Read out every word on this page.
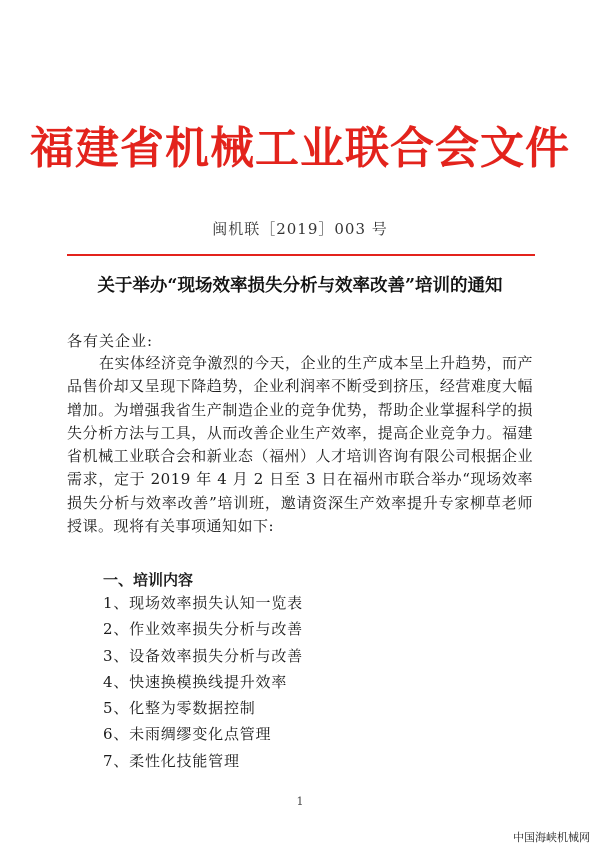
福建省机械工业联合会文件
闽机联［2019］003 号
关于举办“现场效率损失分析与效率改善”培训的通知
各有关企业:
在实体经济竞争激烈的今天，企业的生产成本呈上升趋势，而产品售价却又呈现下降趋势，企业利润率不断受到挤压，经营难度大幅增加。为增强我省生产制造企业的竞争优势，帮助企业掌握科学的损失分析方法与工具，从而改善企业生产效率，提高企业竞争力。福建省机械工业联合会和新业态（福州）人才培训咨询有限公司根据企业需求，定于 2019 年 4 月 2 日至 3 日在福州市联合举办“现场效率损失分析与效率改善”培训班，邀请资深生产效率提升专家柳草老师授课。现将有关事项通知如下:
一、培训内容
1、现场效率损失认知一览表
2、作业效率损失分析与改善
3、设备效率损失分析与改善
4、快速换模换线提升效率
5、化整为零数据控制
6、未雨绸缪变化点管理
7、柔性化技能管理
1
中国海峡机械网
